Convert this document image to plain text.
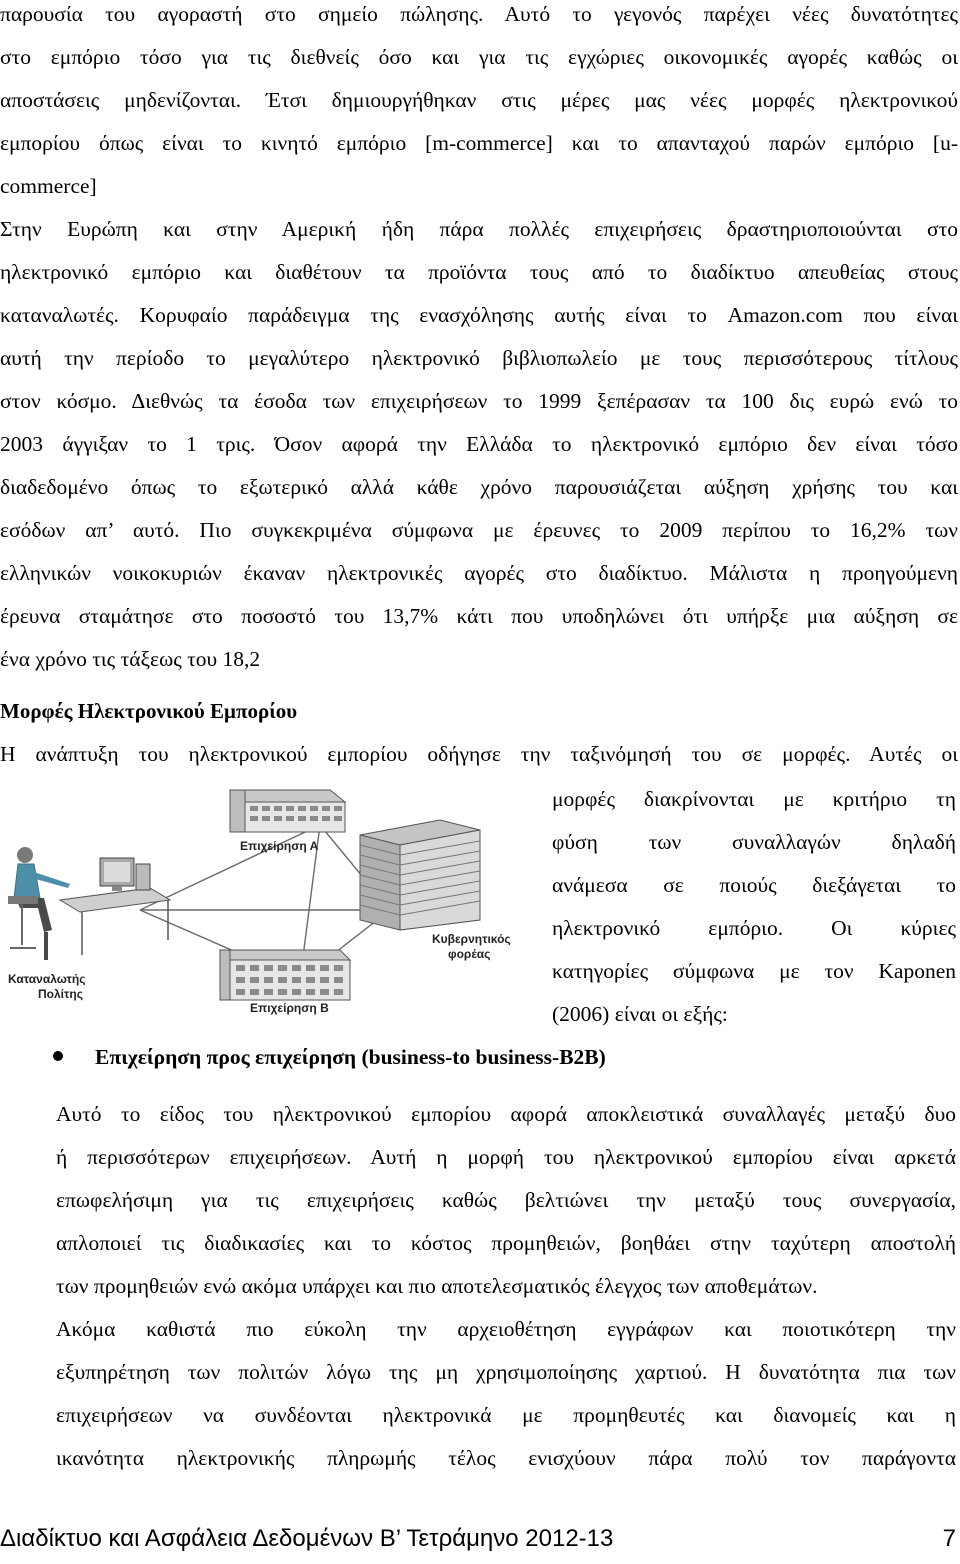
παρουσία του αγοραστή στο σημείο πώλησης. Αυτό το γεγονός παρέχει νέες δυνατότητες
στο εμπόριο τόσο για τις διεθνείς όσο και για τις εγχώριες οικονομικές αγορές καθώς οι
αποστάσεις μηδενίζονται. Έτσι δημιουργήθηκαν στις μέρες μας νέες μορφές ηλεκτρονικού
εμπορίου όπως είναι το κινητό εμπόριο [m-commerce] και το απανταχού παρών εμπόριο [u-
commerce]
Στην Ευρώπη και στην Αμερική ήδη πάρα πολλές επιχειρήσεις δραστηριοποιούνται στο
ηλεκτρονικό εμπόριο και διαθέτουν τα προϊόντα τους από το διαδίκτυο απευθείας στους
καταναλωτές. Κορυφαίο παράδειγμα της ενασχόλησης αυτής είναι το Amazon.com που είναι
αυτή την περίοδο το μεγαλύτερο ηλεκτρονικό βιβλιοπωλείο με τους περισσότερους τίτλους
στον κόσμο. Διεθνώς τα έσοδα των επιχειρήσεων το 1999 ξεπέρασαν τα 100 δις ευρώ ενώ το
2003 άγγιξαν το 1 τρις. Όσον αφορά την Ελλάδα το ηλεκτρονικό εμπόριο δεν είναι τόσο
διαδεδομένο όπως το εξωτερικό αλλά κάθε χρόνο παρουσιάζεται αύξηση χρήσης του και
εσόδων απ’ αυτό. Πιο συγκεκριμένα σύμφωνα με έρευνες το 2009 περίπου το 16,2% των
ελληνικών νοικοκυριών έκαναν ηλεκτρονικές αγορές στο διαδίκτυο. Μάλιστα η προηγούμενη
έρευνα σταμάτησε στο ποσοστό του 13,7% κάτι που υποδηλώνει ότι υπήρξε μια αύξηση σε
ένα χρόνο τις τάξεως του 18,2
Μορφές Ηλεκτρονικού Εμπορίου
Η ανάπτυξη του ηλεκτρονικού εμπορίου οδήγησε την ταξινόμησή του σε μορφές. Αυτές οι
μορφές διακρίνονται με κριτήριο τη
φύση των συναλλαγών δηλαδή
ανάμεσα σε ποιούς διεξάγεται το
ηλεκτρονικό εμπόριο. Οι κύριες
κατηγορίες σύμφωνα με τον Kaponen
(2006) είναι οι εξής:
Επιχείρηση Α
Κυβερνητικός
φορέας
Επιχείρηση Β
Καταναλωτής
Πολίτης
Επιχείρηση προς επιχείρηση (business-to business-B2B)
Αυτό το είδος του ηλεκτρονικού εμπορίου αφορά αποκλειστικά συναλλαγές μεταξύ δυο
ή περισσότερων επιχειρήσεων. Αυτή η μορφή του ηλεκτρονικού εμπορίου είναι αρκετά
επωφελήσιμη για τις επιχειρήσεις καθώς βελτιώνει την μεταξύ τους συνεργασία,
απλοποιεί τις διαδικασίες και το κόστος προμηθειών, βοηθάει στην ταχύτερη αποστολή
των προμηθειών ενώ ακόμα υπάρχει και πιο αποτελεσματικός έλεγχος των αποθεμάτων.
Ακόμα καθιστά πιο εύκολη την αρχειοθέτηση εγγράφων και ποιοτικότερη την
εξυπηρέτηση των πολιτών λόγω της μη χρησιμοποίησης χαρτιού. Η δυνατότητα πια των
επιχειρήσεων να συνδέονται ηλεκτρονικά με προμηθευτές και διανομείς και η
ικανότητα ηλεκτρονικής πληρωμής τέλος ενισχύουν πάρα πολύ τον παράγοντα
Διαδίκτυο και Ασφάλεια Δεδομένων Β’ Τετράμηνο 2012-13	7
